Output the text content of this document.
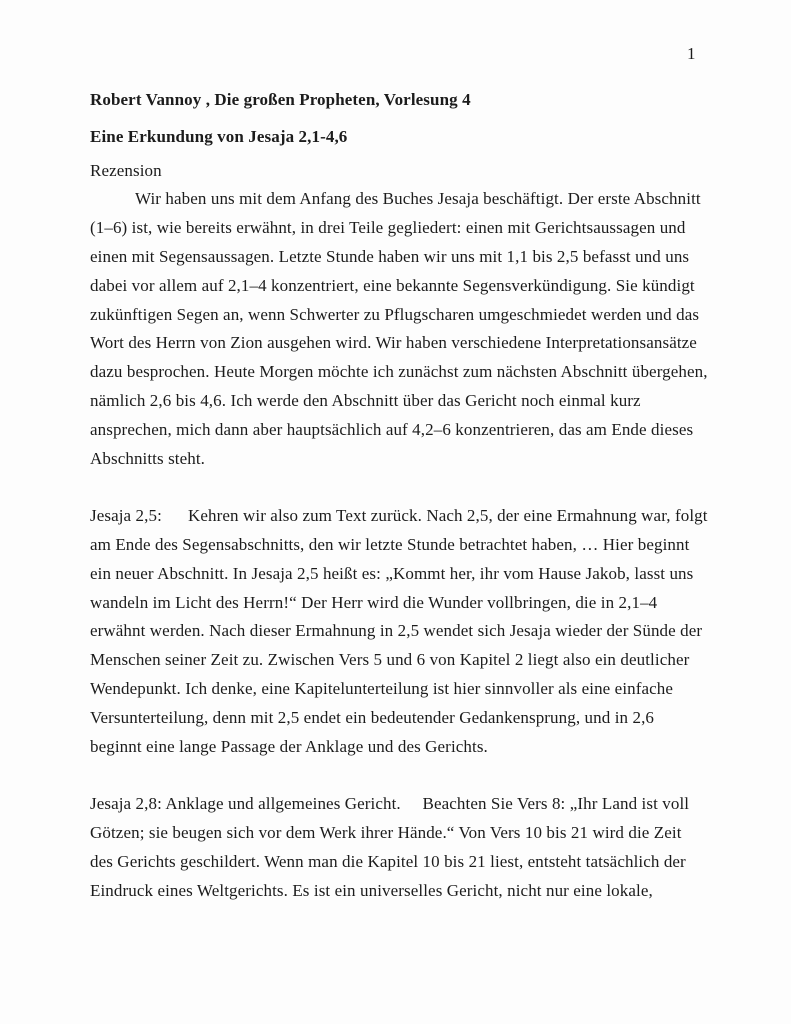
1
Robert Vannoy , Die großen Propheten, Vorlesung 4
Eine Erkundung von Jesaja 2,1-4,6
Rezension
Wir haben uns mit dem Anfang des Buches Jesaja beschäftigt. Der erste Abschnitt
(1–6) ist, wie bereits erwähnt, in drei Teile gegliedert: einen mit Gerichtsaussagen und
einen mit Segensaussagen. Letzte Stunde haben wir uns mit 1,1 bis 2,5 befasst und uns
dabei vor allem auf 2,1–4 konzentriert, eine bekannte Segensverkündigung. Sie kündigt
zukünftigen Segen an, wenn Schwerter zu Pflugscharen umgeschmiedet werden und das
Wort des Herrn von Zion ausgehen wird. Wir haben verschiedene Interpretationsansätze
dazu besprochen. Heute Morgen möchte ich zunächst zum nächsten Abschnitt übergehen,
nämlich 2,6 bis 4,6. Ich werde den Abschnitt über das Gericht noch einmal kurz
ansprechen, mich dann aber hauptsächlich auf 4,2–6 konzentrieren, das am Ende dieses
Abschnitts steht.
Jesaja 2,5:      Kehren wir also zum Text zurück. Nach 2,5, der eine Ermahnung war, folgt
am Ende des Segensabschnitts, den wir letzte Stunde betrachtet haben, … Hier beginnt
ein neuer Abschnitt. In Jesaja 2,5 heißt es: „Kommt her, ihr vom Hause Jakob, lasst uns
wandeln im Licht des Herrn!“ Der Herr wird die Wunder vollbringen, die in 2,1–4
erwähnt werden. Nach dieser Ermahnung in 2,5 wendet sich Jesaja wieder der Sünde der
Menschen seiner Zeit zu. Zwischen Vers 5 und 6 von Kapitel 2 liegt also ein deutlicher
Wendepunkt. Ich denke, eine Kapitelunterteilung ist hier sinnvoller als eine einfache
Versunterteilung, denn mit 2,5 endet ein bedeutender Gedankensprung, und in 2,6
beginnt eine lange Passage der Anklage und des Gerichts.
Jesaja 2,8: Anklage und allgemeines Gericht.     Beachten Sie Vers 8: „Ihr Land ist voll
Götzen; sie beugen sich vor dem Werk ihrer Hände.“ Von Vers 10 bis 21 wird die Zeit
des Gerichts geschildert. Wenn man die Kapitel 10 bis 21 liest, entsteht tatsächlich der
Eindruck eines Weltgerichts. Es ist ein universelles Gericht, nicht nur eine lokale,
